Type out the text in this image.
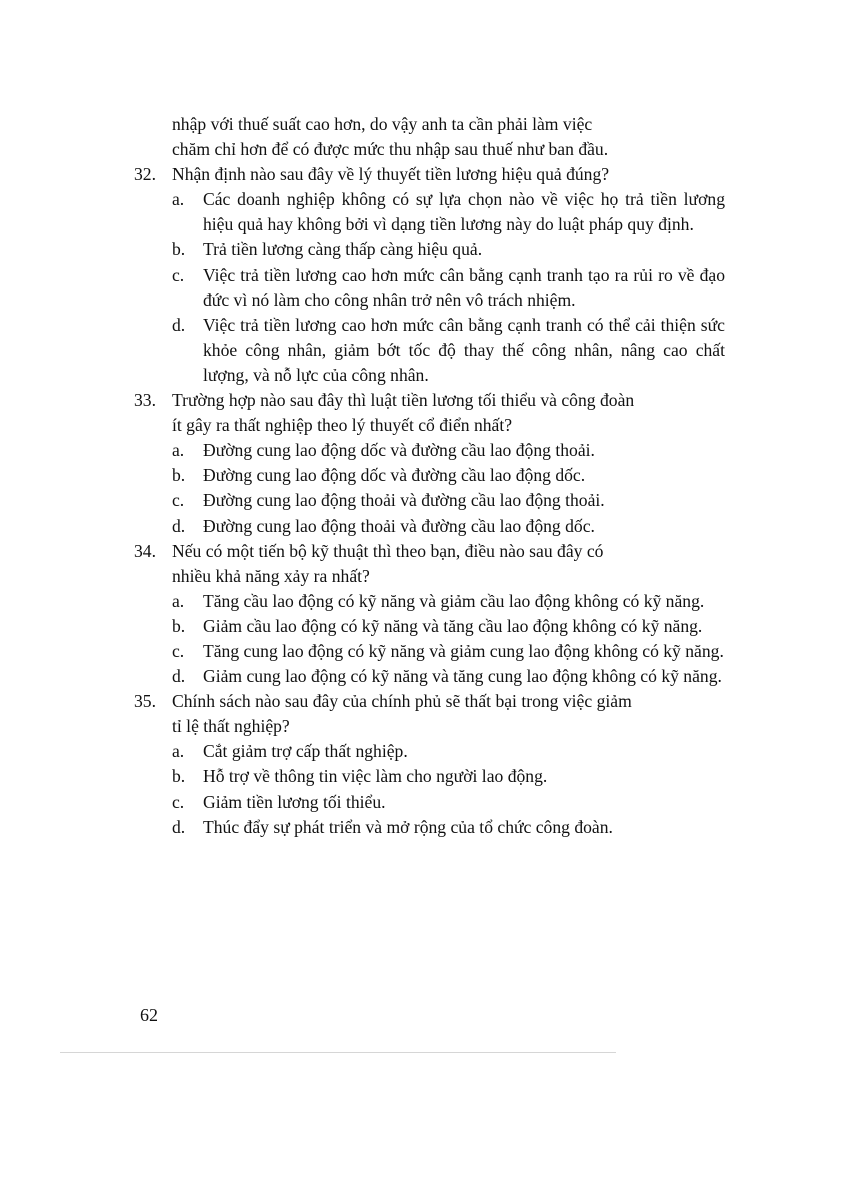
nhập với thuế suất cao hơn, do vậy anh ta cần phải làm việc
chăm chỉ hơn để có được mức thu nhập sau thuế như ban đầu.
32. Nhận định nào sau đây về lý thuyết tiền lương hiệu quả đúng?
a. Các doanh nghiệp không có sự lựa chọn nào về việc họ trả tiền lương hiệu quả hay không bởi vì dạng tiền lương này do luật pháp quy định.
b. Trả tiền lương càng thấp càng hiệu quả.
c. Việc trả tiền lương cao hơn mức cân bằng cạnh tranh tạo ra rủi ro về đạo đức vì nó làm cho công nhân trở nên vô trách nhiệm.
d. Việc trả tiền lương cao hơn mức cân bằng cạnh tranh có thể cải thiện sức khỏe công nhân, giảm bớt tốc độ thay thế công nhân, nâng cao chất lượng, và nỗ lực của công nhân.
33. Trường hợp nào sau đây thì luật tiền lương tối thiểu và công đoàn
ít gây ra thất nghiệp theo lý thuyết cổ điển nhất?
a. Đường cung lao động dốc và đường cầu lao động thoải.
b. Đường cung lao động dốc và đường cầu lao động dốc.
c. Đường cung lao động thoải và đường cầu lao động thoải.
d. Đường cung lao động thoải và đường cầu lao động dốc.
34. Nếu có một tiến bộ kỹ thuật thì theo bạn, điều nào sau đây có
nhiều khả năng xảy ra nhất?
a. Tăng cầu lao động có kỹ năng và giảm cầu lao động không có kỹ năng.
b. Giảm cầu lao động có kỹ năng và tăng cầu lao động không có kỹ năng.
c. Tăng cung lao động có kỹ năng và giảm cung lao động không có kỹ năng.
d. Giảm cung lao động có kỹ năng và tăng cung lao động không có kỹ năng.
35. Chính sách nào sau đây của chính phủ sẽ thất bại trong việc giảm
tỉ lệ thất nghiệp?
a. Cắt giảm trợ cấp thất nghiệp.
b. Hỗ trợ về thông tin việc làm cho người lao động.
c. Giảm tiền lương tối thiểu.
d. Thúc đẩy sự phát triển và mở rộng của tổ chức công đoàn.
62
